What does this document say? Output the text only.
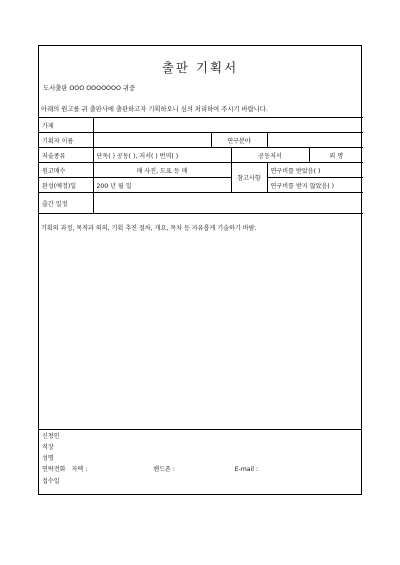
출판 기획서
도서출판 OOO OOOOOOO 귀중
아래의 원고를 귀 출판사에 출판하고자 기획하오니 심의 처리하여 주시기 바랍니다.
가제					
기획자 이름		연구분야			
저술종류	단독( ) 공동( ), 저서( ) 번역( )		공동저서		외 명
원고매수	매 사진, 도표 등 매		참고사항	연구비를 받았음( )	
완성(예정)일	200 년 월 일			연구비를 받지 않았음( )	
출간 일정					
기획의 과정, 목적과 의의, 기획 추진 절차, 개요, 목차 등 자유롭게 기술하기 바람.
신청인
직장
성명
연락전화 자택 :	핸드폰 :	E-mail :
접수일
